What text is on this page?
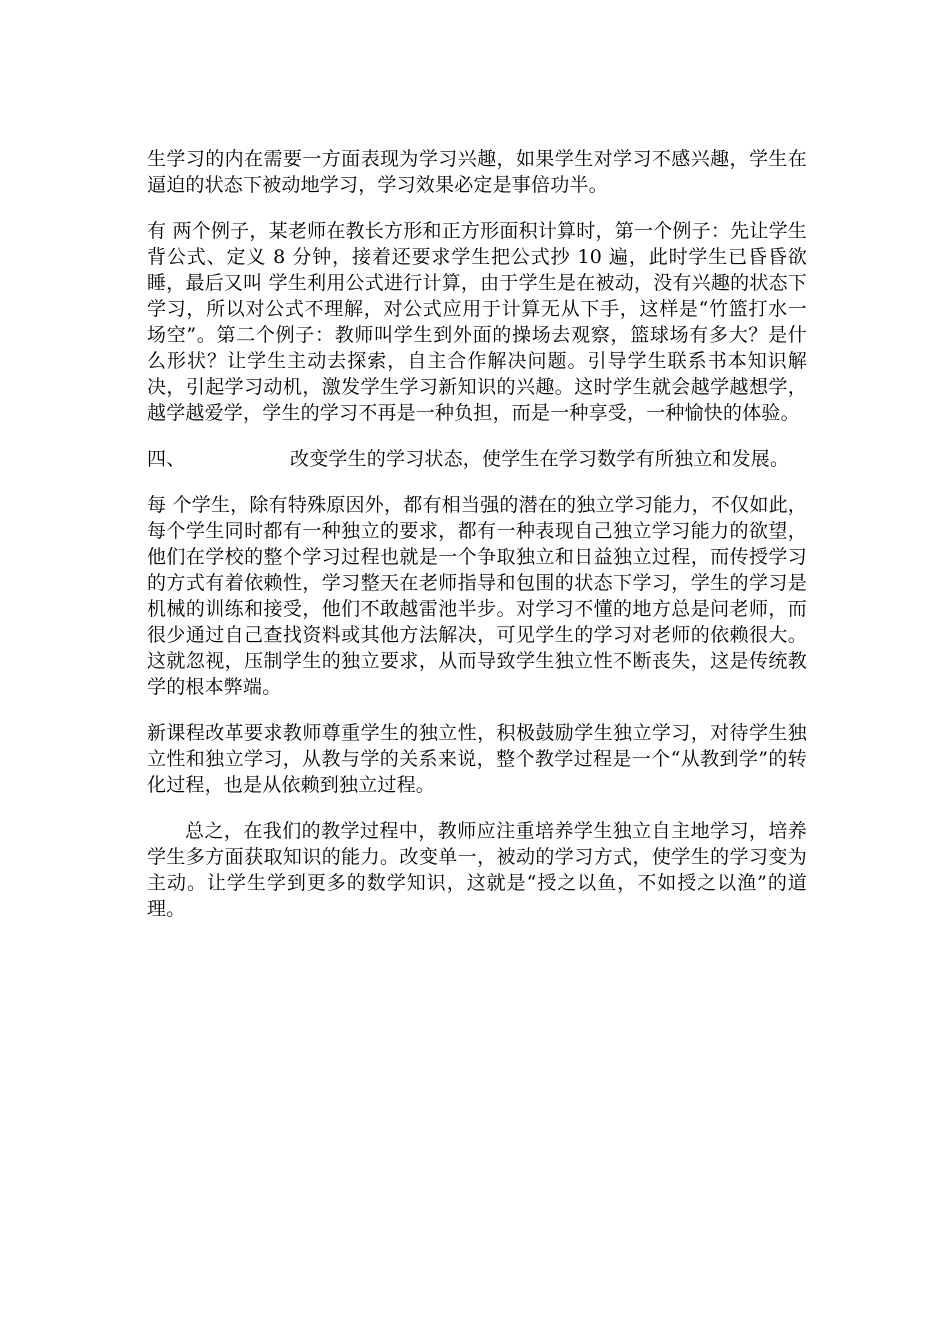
生学习的内在需要一方面表现为学习兴趣，如果学生对学习不感兴趣，学生在逼迫的状态下被动地学习，学习效果必定是事倍功半。

有 两个例子，某老师在教长方形和正方形面积计算时，第一个例子：先让学生背公式、定义 8 分钟，接着还要求学生把公式抄 10 遍，此时学生已昏昏欲睡，最后又叫 学生利用公式进行计算，由于学生是在被动，没有兴趣的状态下学习，所以对公式不理解，对公式应用于计算无从下手，这样是“竹篮打水一场空”。第二个例子：教师叫学生到外面的操场去观察，篮球场有多大？是什么形状？让学生主动去探索，自主合作解决问题。引导学生联系书本知识解决，引起学习动机，激发学生学习新知识的兴趣。这时学生就会越学越想学，越学越爱学，学生的学习不再是一种负担，而是一种享受，一种愉快的体验。

四、	改变学生的学习状态，使学生在学习数学有所独立和发展。

每 个学生，除有特殊原因外，都有相当强的潜在的独立学习能力，不仅如此，每个学生同时都有一种独立的要求，都有一种表现自己独立学习能力的欲望，他们在学校的整个学习过程也就是一个争取独立和日益独立过程，而传授学习的方式有着依赖性，学习整天在老师指导和包围的状态下学习，学生的学习是机械的训练和接受，他们不敢越雷池半步。对学习不懂的地方总是问老师，而很少通过自己查找资料或其他方法解决，可见学生的学习对老师的依赖很大。这就忽视，压制学生的独立要求，从而导致学生独立性不断丧失，这是传统教学的根本弊端。

新课程改革要求教师尊重学生的独立性，积极鼓励学生独立学习，对待学生独立性和独立学习，从教与学的关系来说，整个教学过程是一个“从教到学”的转化过程，也是从依赖到独立过程。

总之，在我们的教学过程中，教师应注重培养学生独立自主地学习，培养学生多方面获取知识的能力。改变单一，被动的学习方式，使学生的学习变为主动。让学生学到更多的数学知识，这就是“授之以鱼，不如授之以渔”的道理。
